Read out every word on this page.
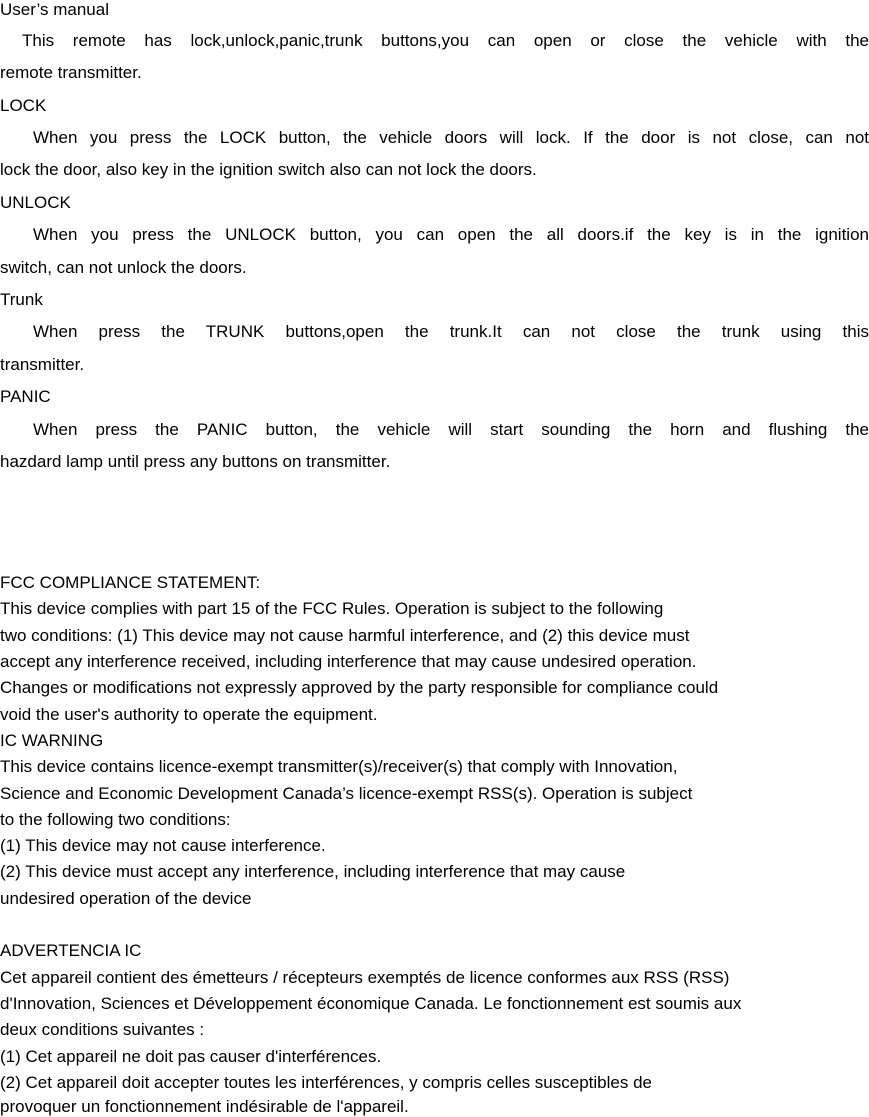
User’s manual
This remote has lock,unlock,panic,trunk buttons,you can open or close the vehicle with the
remote transmitter.
LOCK
When you press the LOCK button, the vehicle doors will lock. If the door is not close, can not
lock the door, also key in the ignition switch also can not lock the doors.
UNLOCK
When you press the UNLOCK button, you can open the all doors.if the key is in the ignition
switch, can not unlock the doors.
Trunk
When press the TRUNK buttons,open the trunk.It can not close the trunk using this
transmitter.
PANIC
When press the PANIC button, the vehicle will start sounding the horn and flushing the
hazdard lamp until press any buttons on transmitter.
FCC COMPLIANCE STATEMENT:
This device complies with part 15 of the FCC Rules. Operation is subject to the following
two conditions: (1) This device may not cause harmful interference, and (2) this device must
accept any interference received, including interference that may cause undesired operation.
Changes or modifications not expressly approved by the party responsible for compliance could
void the user's authority to operate the equipment.
IC WARNING
This device contains licence-exempt transmitter(s)/receiver(s) that comply with Innovation,
Science and Economic Development Canada’s licence-exempt RSS(s). Operation is subject
to the following two conditions:
(1) This device may not cause interference.
(2) This device must accept any interference, including interference that may cause
undesired operation of the device
ADVERTENCIA IC
Cet appareil contient des émetteurs / récepteurs exemptés de licence conformes aux RSS (RSS)
d'Innovation, Sciences et Développement économique Canada. Le fonctionnement est soumis aux
deux conditions suivantes :
(1) Cet appareil ne doit pas causer d'interférences.
(2) Cet appareil doit accepter toutes les interférences, y compris celles susceptibles de
provoquer un fonctionnement indésirable de l'appareil.
